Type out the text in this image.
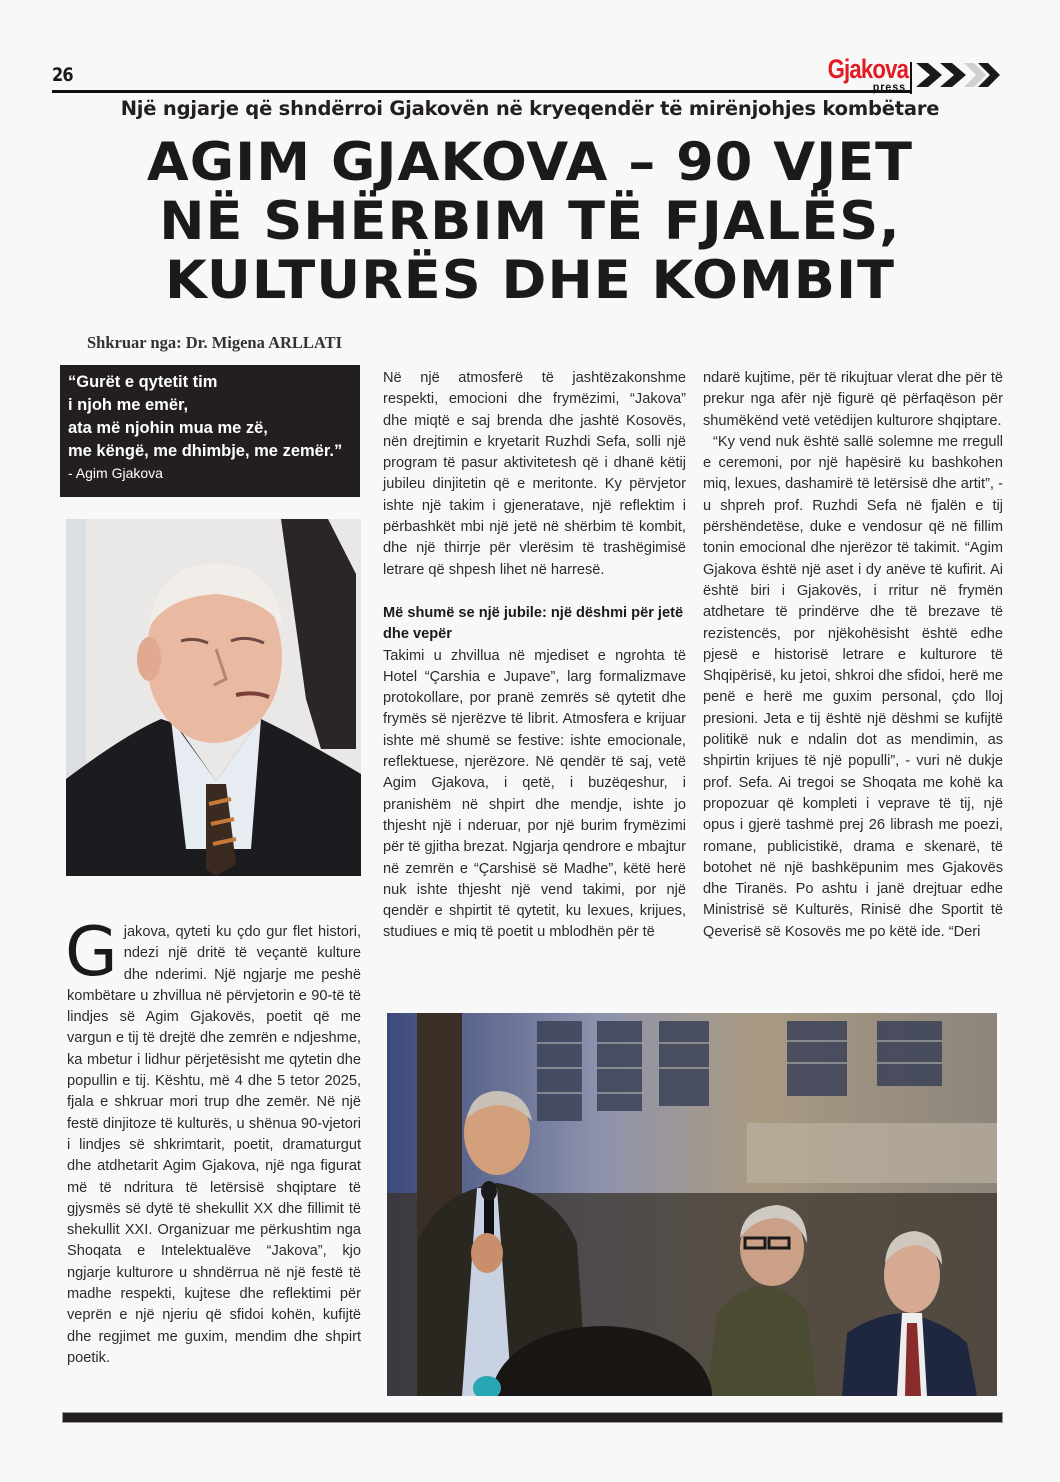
26	Gjakova
press
Një ngjarje që shndërroi Gjakovën në kryeqendër të mirënjohjes kombëtare
AGIM GJAKOVA – 90 VJET
NË SHËRBIM TË FJALËS,
KULTURËS DHE KOMBIT
Shkruar nga: Dr. Migena ARLLATI
“Gurët e qytetit tim
i njoh me emër,
ata më njohin mua me zë,
me këngë, me dhimbje, me zemër.”
- Agim Gjakova
G jakova, qyteti ku çdo gur flet histori, ndezi një dritë të veçantë kulture dhe nderimi. Një ngjarje me peshë kombëtare u zhvillua në përvjetorin e 90-të të lindjes së Agim Gjakovës, poetit që me vargun e tij të drejtë dhe zemrën e ndjeshme, ka mbetur i lidhur përjetësisht me qytetin dhe popullin e tij. Kështu, më 4 dhe 5 tetor 2025, fjala e shkruar mori trup dhe zemër. Në një festë dinjitoze të kulturës, u shënua 90-vjetori i lindjes së shkrimtarit, poetit, dramaturgut dhe atdhetarit Agim Gjakova, një nga figurat më të ndritura të letërsisë shqiptare të gjysmës së dytë të shekullit XX dhe fillimit të shekullit XXI. Organizuar me përkushtim nga Shoqata e Intelektualëve “Jakova”, kjo ngjarje kulturore u shndërrua në një festë të madhe respekti, kujtese dhe reflektimi për veprën e një njeriu që sfidoi kohën, kufijtë dhe regjimet me guxim, mendim dhe shpirt poetik.

Në një atmosferë të jashtëzakonshme respekti, emocioni dhe frymëzimi, “Jakova” dhe miqtë e saj brenda dhe jashtë Kosovës, nën drejtimin e kryetarit Ruzhdi Sefa, solli një program të pasur aktivitetesh që i dhanë këtij jubileu dinjitetin që e meritonte. Ky përvjetor ishte një takim i gjeneratave, një reflektim i përbashkët mbi një jetë në shërbim të kombit, dhe një thirrje për vlerësim të trashëgimisë letrare që shpesh lihet në harresë.

Më shumë se një jubile: një dëshmi për jetë dhe vepër

Takimi u zhvillua në mjediset e ngrohta të Hotel “Çarshia e Jupave”, larg formalizmave protokollare, por pranë zemrës së qytetit dhe frymës së njerëzve të librit. Atmosfera e krijuar ishte më shumë se festive: ishte emocionale, reflektuese, njerëzore. Në qendër të saj, vetë Agim Gjakova, i qetë, i buzëqeshur, i pranishëm në shpirt dhe mendje, ishte jo thjesht një i nderuar, por një burim frymëzimi për të gjitha brezat. Ngjarja qendrore e mbajtur në zemrën e “Çarshisë së Madhe”, këtë herë nuk ishte thjesht një vend takimi, por një qendër e shpirtit të qytetit, ku lexues, krijues, studiues e miq të poetit u mblodhën për të

ndarë kujtime, për të rikujtuar vlerat dhe për të prekur nga afër një figurë që përfaqëson për shumëkënd vetë vetëdijen kulturore shqiptare.

“Ky vend nuk është sallë solemne me rregull e ceremoni, por një hapësirë ku bashkohen miq, lexues, dashamirë të letërsisë dhe artit”, - u shpreh prof. Ruzhdi Sefa në fjalën e tij përshëndetëse, duke e vendosur që në fillim tonin emocional dhe njerëzor të takimit. “Agim Gjakova është një aset i dy anëve të kufirit. Ai është biri i Gjakovës, i rritur në frymën atdhetare të prindërve dhe të brezave të rezistencës, por njëkohësisht është edhe pjesë e historisë letrare e kulturore të Shqipërisë, ku jetoi, shkroi dhe sfidoi, herë me penë e herë me guxim personal, çdo lloj presioni. Jeta e tij është një dëshmi se kufijtë politikë nuk e ndalin dot as mendimin, as shpirtin krijues të një populli”, - vuri në dukje prof. Sefa. Ai tregoi se Shoqata me kohë ka propozuar që kompleti i veprave të tij, një opus i gjerë tashmë prej 26 librash me poezi, romane, publicistikë, drama e skenarë, të botohet në një bashkëpunim mes Gjakovës dhe Tiranës. Po ashtu i janë drejtuar edhe Ministrisë së Kulturës, Rinisë dhe Sportit të Qeverisë së Kosovës me po këtë ide. “Deri
